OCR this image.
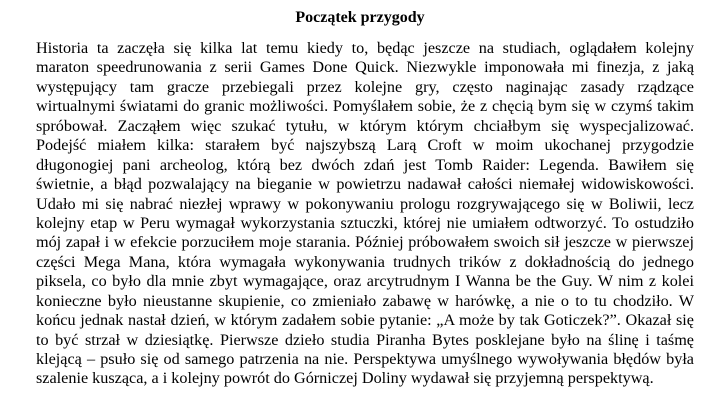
Początek przygody
Historia ta zaczęła się kilka lat temu kiedy to, będąc jeszcze na studiach, oglądałem kolejny
maraton speedrunowania z serii Games Done Quick. Niezwykle imponowała mi finezja, z jaką
występujący tam gracze przebiegali przez kolejne gry, często naginając zasady rządzące
wirtualnymi światami do granic możliwości. Pomyślałem sobie, że z chęcią bym się w czymś takim
spróbował. Zacząłem więc szukać tytułu, w którym którym chciałbym się wyspecjalizować.
Podejść miałem kilka: starałem być najszybszą Larą Croft w moim ukochanej przygodzie
długonogiej pani archeolog, którą bez dwóch zdań jest Tomb Raider: Legenda. Bawiłem się
świetnie, a błąd pozwalający na bieganie w powietrzu nadawał całości niemałej widowiskowości.
Udało mi się nabrać niezłej wprawy w pokonywaniu prologu rozgrywającego się w Boliwii, lecz
kolejny etap w Peru wymagał wykorzystania sztuczki, której nie umiałem odtworzyć. To ostudziło
mój zapał i w efekcie porzuciłem moje starania. Później próbowałem swoich sił jeszcze w pierwszej
części Mega Mana, która wymagała wykonywania trudnych trików z dokładnością do jednego
piksela, co było dla mnie zbyt wymagające, oraz arcytrudnym I Wanna be the Guy. W nim z kolei
konieczne było nieustanne skupienie, co zmieniało zabawę w harówkę, a nie o to tu chodziło. W
końcu jednak nastał dzień, w którym zadałem sobie pytanie: „A może by tak Goticzek?”. Okazał się
to być strzał w dziesiątkę. Pierwsze dzieło studia Piranha Bytes posklejane było na ślinę i taśmę
klejącą – psuło się od samego patrzenia na nie. Perspektywa umyślnego wywoływania błędów była
szalenie kusząca, a i kolejny powrót do Górniczej Doliny wydawał się przyjemną perspektywą.
